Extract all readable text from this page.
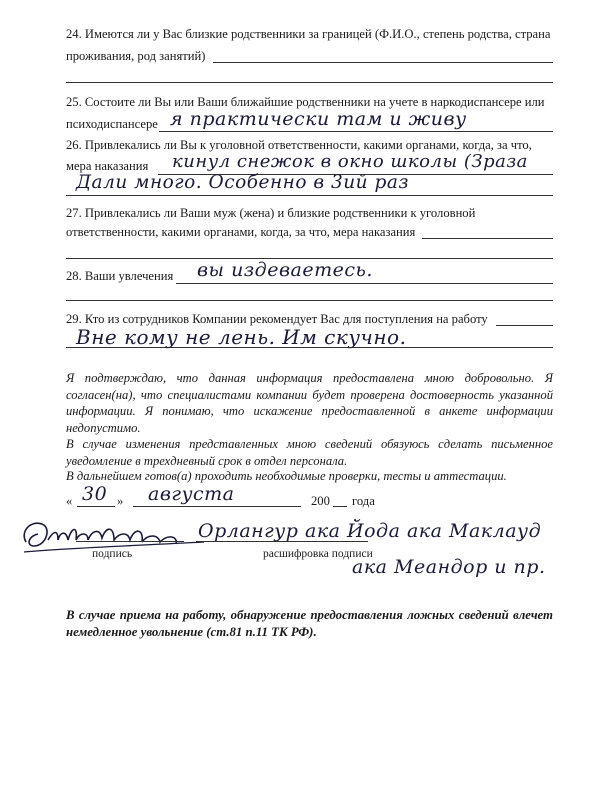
24. Имеются ли у Вас близкие родственники за границей (Ф.И.О., степень родства, страна
проживания, род занятий)
25. Состоите ли Вы или Ваши ближайшие родственники на учете в наркодиспансере или
психодиспансере я практически там и живу
26. Привлекались ли Вы к уголовной ответственности, какими органами, когда, за что,
мера наказания кинул снежок в окно школы (Зраза
Дали много. Особенно в 3ий раз
27. Привлекались ли Ваши муж (жена) и близкие родственники к уголовной
ответственности, какими органами, когда, за что, мера наказания
28. Ваши увлечения вы издеваетесь.
29. Кто из сотрудников Компании рекомендует Вас для поступления на работу
Вне кому не лень. Им скучно.
Я подтверждаю, что данная информация предоставлена мною добровольно. Я согласен(на), что специалистами компании будет проверена достоверность указанной информации. Я понимаю, что искажение предоставленной в анкете информации недопустимо.
В случае изменения представленных мною сведений обязуюсь сделать письменное уведомление в трехдневный срок в отдел персонала.
В дальнейшем готов(а) проходить необходимые проверки, тесты и аттестации.
« 30 » августа	200 года
подпись
Орлангур ака Йода ака Маклауд
расшифровка подписи
ака Меандор и пр.
В случае приема на работу, обнаружение предоставления ложных сведений влечет немедленное увольнение (ст.81 п.11 ТК РФ).
